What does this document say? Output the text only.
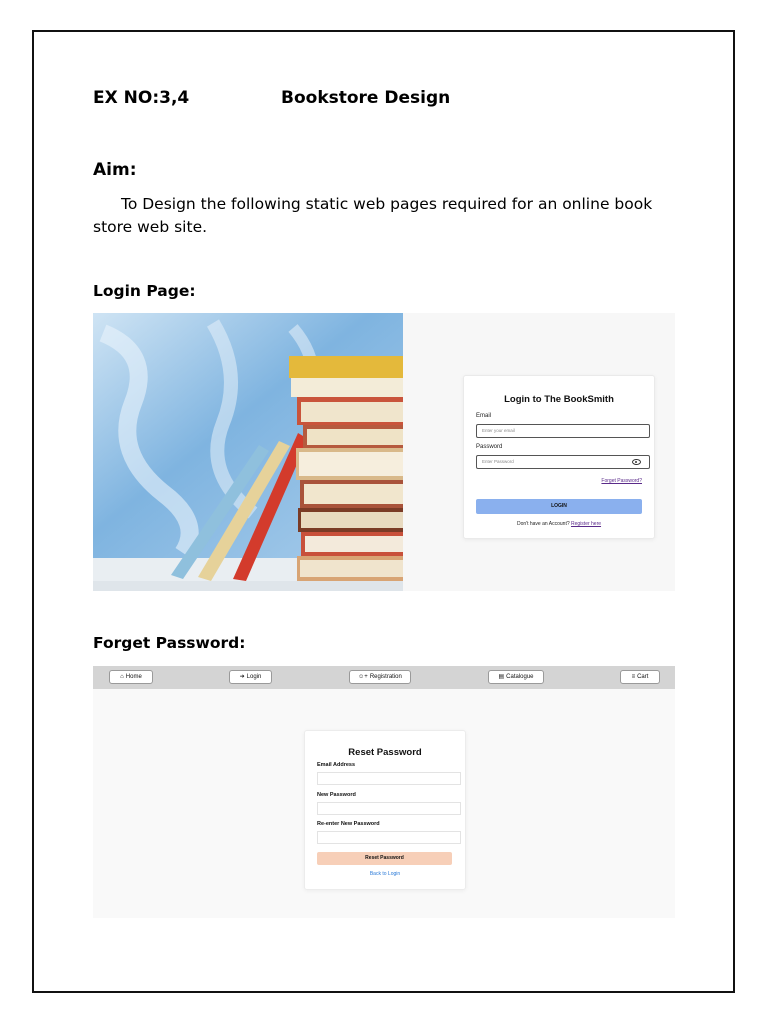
EX NO:3,4	Bookstore Design
Aim:
To Design the following static web pages required for an online book store web site.
Login Page:
Login to The BookSmith
Email
Enter your email
Password
Enter Password
Forget Password?
LOGIN
Don't have an Account? Register here
Forget Password:
⌂ Home	➜ Login	☺+ Registration	▤ Catalogue	≡ Cart
Reset Password
Email Address
New Password
Re-enter New Password
Reset Password
Back to Login
